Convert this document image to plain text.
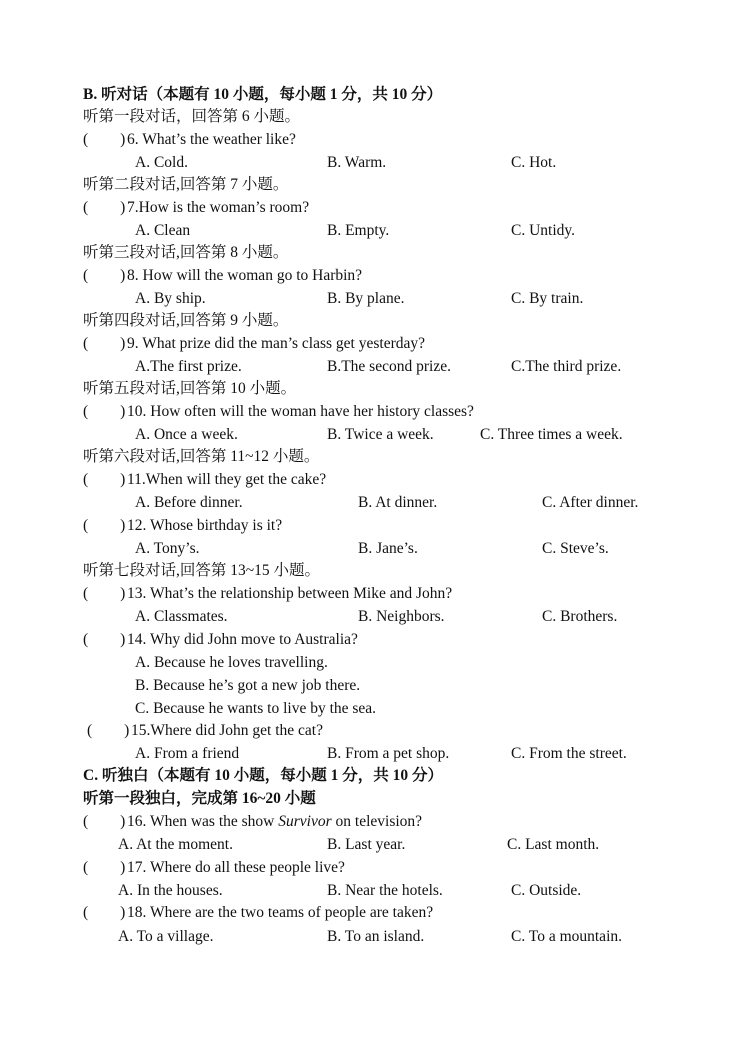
B. 听对话（本题有 10 小题，每小题 1 分，共 10 分）
听第一段对话，回答第 6 小题。
( ) 6. What’s the weather like?
A. Cold.	B. Warm.	C. Hot.
听第二段对话,回答第 7 小题。
( ) 7.How is the woman’s room?
A. Clean	B. Empty.	C. Untidy.
听第三段对话,回答第 8 小题。
( ) 8. How will the woman go to Harbin?
A. By ship.	B. By plane.	C. By train.
听第四段对话,回答第 9 小题。
( ) 9. What prize did the man’s class get yesterday?
A.The first prize.	B.The second prize.	C.The third prize.
听第五段对话,回答第 10 小题。
( ) 10. How often will the woman have her history classes?
A. Once a week.	B. Twice a week.	C. Three times a week.
听第六段对话,回答第 11~12 小题。
( ) 11.When will they get the cake?
A. Before dinner.	B. At dinner.	C. After dinner.
( ) 12. Whose birthday is it?
A. Tony’s.	B. Jane’s.	C. Steve’s.
听第七段对话,回答第 13~15 小题。
( ) 13. What’s the relationship between Mike and John?
A. Classmates.	B. Neighbors.	C. Brothers.
( ) 14. Why did John move to Australia?
A. Because he loves travelling.
B. Because he’s got a new job there.
C. Because he wants to live by the sea.
( ) 15.Where did John get the cat?
A. From a friend	B. From a pet shop.	C. From the street.
C. 听独白（本题有 10 小题，每小题 1 分，共 10 分）
听第一段独白，完成第 16~20 小题
( ) 16. When was the show Survivor on television?
A. At the moment.	B. Last year.	C. Last month.
( ) 17. Where do all these people live?
A. In the houses.	B. Near the hotels.	C. Outside.
( ) 18. Where are the two teams of people are taken?
A. To a village.	B. To an island.	C. To a mountain.
